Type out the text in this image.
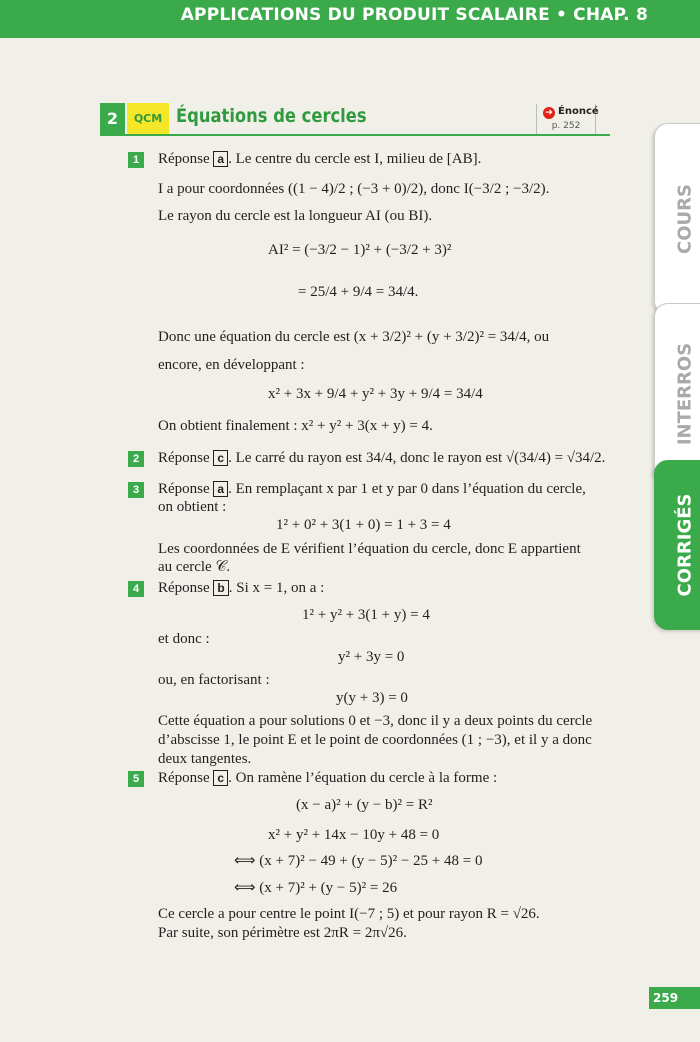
APPLICATIONS DU PRODUIT SCALAIRE • CHAP. 8
COURS
INTERROS
CORRIGÉS
2	QCM Équations de cercles	➔ Énoncé
p. 252
1	Réponse a . Le centre du cercle est I, milieu de [AB].
I a pour coordonnées ((1 − 4)/2 ; (−3 + 0)/2), donc I(−3/2 ; −3/2).
Le rayon du cercle est la longueur AI (ou BI).
AI² = (−3/2 − 1)² + (−3/2 + 3)²
= 25/4 + 9/4 = 34/4.
Donc une équation du cercle est (x + 3/2)² + (y + 3/2)² = 34/4, ou
encore, en développant :
x² + 3x + 9/4 + y² + 3y + 9/4 = 34/4
On obtient finalement : x² + y² + 3(x + y) = 4.
2	Réponse c . Le carré du rayon est 34/4, donc le rayon est √(34/4) = √34/2.
3	Réponse a . En remplaçant x par 1 et y par 0 dans l’équation du cercle,
on obtient :
1² + 0² + 3(1 + 0) = 1 + 3 = 4
Les coordonnées de E vérifient l’équation du cercle, donc E appartient
au cercle 𝒞.
4	Réponse b . Si x = 1, on a :
1² + y² + 3(1 + y) = 4
et donc :
y² + 3y = 0
ou, en factorisant :
y(y + 3) = 0
Cette équation a pour solutions 0 et −3, donc il y a deux points du cercle
d’abscisse 1, le point E et le point de coordonnées (1 ; −3), et il y a donc
deux tangentes.
5	Réponse c . On ramène l’équation du cercle à la forme :
(x − a)² + (y − b)² = R²
x² + y² + 14x − 10y + 48 = 0
⟺ (x + 7)² − 49 + (y − 5)² − 25 + 48 = 0
⟺ (x + 7)² + (y − 5)² = 26
Ce cercle a pour centre le point I(−7 ; 5) et pour rayon R = √26.
Par suite, son périmètre est 2πR = 2π√26.
259
